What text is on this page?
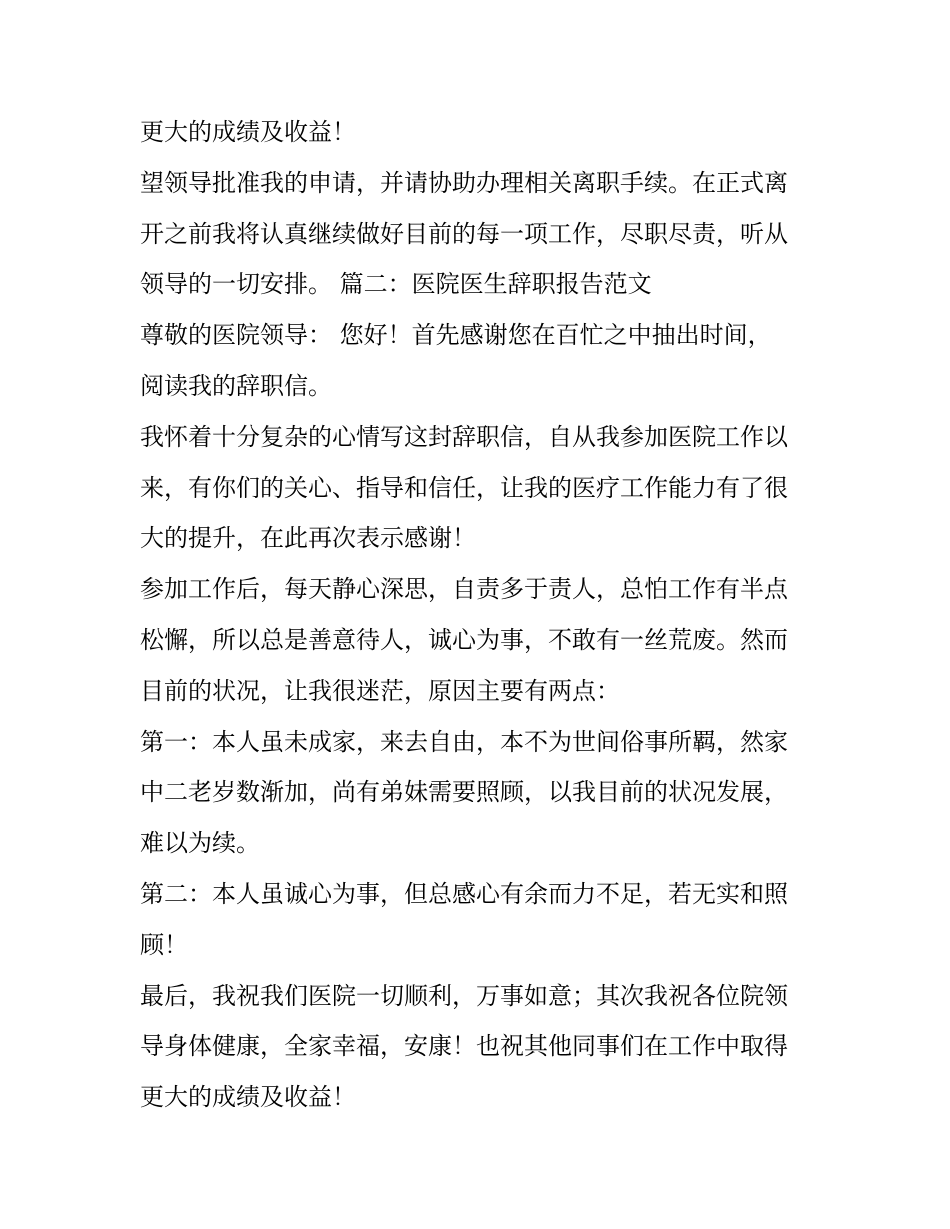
更大的成绩及收益！
望领导批准我的申请，并请协助办理相关离职手续。在正式离
开之前我将认真继续做好目前的每一项工作，尽职尽责，听从
领导的一切安排。 篇二：医院医生辞职报告范文
尊敬的医院领导： 您好！首先感谢您在百忙之中抽出时间，
阅读我的辞职信。
我怀着十分复杂的心情写这封辞职信，自从我参加医院工作以
来，有你们的关心、指导和信任，让我的医疗工作能力有了很
大的提升，在此再次表示感谢！
参加工作后，每天静心深思，自责多于责人，总怕工作有半点
松懈，所以总是善意待人，诚心为事，不敢有一丝荒废。然而
目前的状况，让我很迷茫，原因主要有两点：
第一：本人虽未成家，来去自由，本不为世间俗事所羁，然家
中二老岁数渐加，尚有弟妹需要照顾，以我目前的状况发展，
难以为续。
第二：本人虽诚心为事，但总感心有余而力不足，若无实和照
顾！
最后，我祝我们医院一切顺利，万事如意；其次我祝各位院领
导身体健康，全家幸福，安康！也祝其他同事们在工作中取得
更大的成绩及收益！
